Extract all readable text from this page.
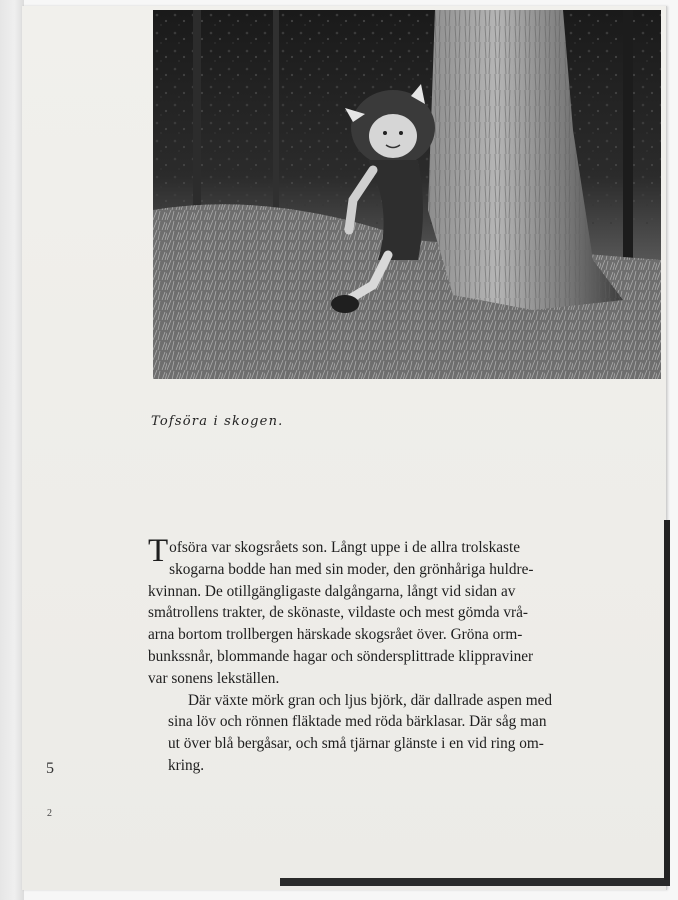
Tofsöra i skogen.

T ofsöra var skogsråets son. Långt uppe i de allra trolskaste
skogarna bodde han med sin moder, den grönhåriga huldre-
kvinnan. De otillgängligaste dalgångarna, långt vid sidan av
småtrollens trakter, de skönaste, vildaste och mest gömda vrå-
arna bortom trollbergen härskade skogsrået över. Gröna orm-
bunkssnår, blommande hagar och söndersplittrade klippraviner
var sonens lekställen.

Där växte mörk gran och ljus björk, där dallrade aspen med
sina löv och rönnen fläktade med röda bärklasar. Där såg man
ut över blå bergåsar, och små tjärnar glänste i en vid ring om-
kring.

5
2
